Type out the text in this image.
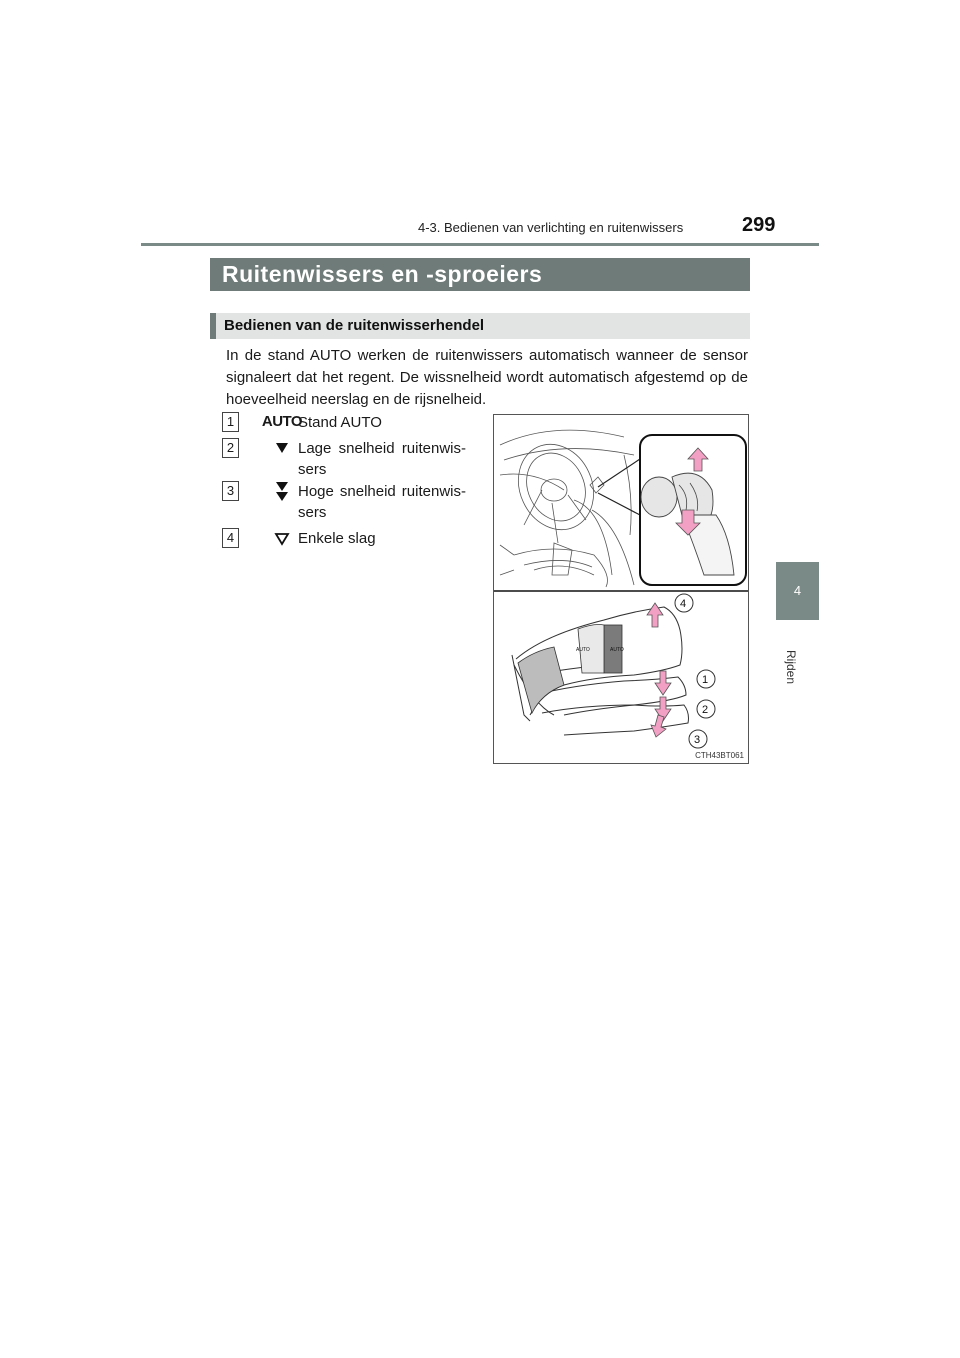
4-3. Bedienen van verlichting en ruitenwissers	299
Ruitenwissers en -sproeiers
Bedienen van de ruitenwisserhendel
In de stand AUTO werken de ruitenwissers automatisch wanneer de sensor signaleert dat het regent. De wissnelheid wordt automatisch afgestemd op de hoeveelheid neerslag en de rijsnelheid.
1	AUTO
Stand AUTO
2	Lage snelheid ruitenwis-sers
3	Hoge snelheid ruitenwis-sers
4	Enkele slag
4
Rijden
AUTO	AUTO
4
1
2
3
CTH43BT061
